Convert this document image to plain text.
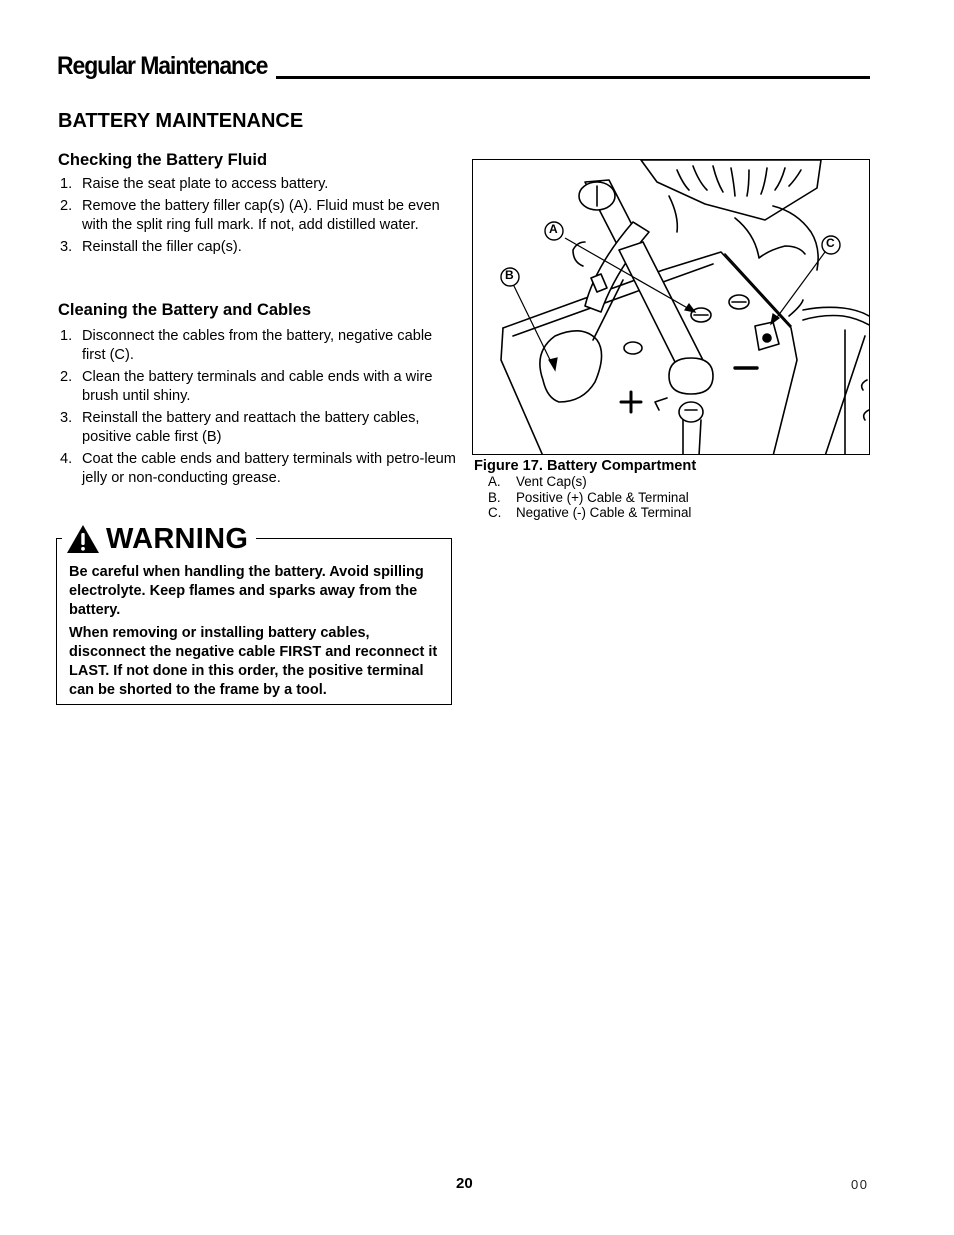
Regular Maintenance
BATTERY MAINTENANCE
Checking the Battery Fluid
1. Raise the seat plate to access battery.
2. Remove the battery filler cap(s) (A). Fluid must be even with the split ring full mark. If not, add distilled water.
3. Reinstall the filler cap(s).
Cleaning the Battery and Cables
1. Disconnect the cables from the battery, negative cable first (C).
2. Clean the battery terminals and cable ends with a wire brush until shiny.
3. Reinstall the battery and reattach the battery cables, positive cable first (B)
4. Coat the cable ends and battery terminals with petro-leum jelly or non-conducting grease.
WARNING

Be careful when handling the battery. Avoid spilling electrolyte. Keep flames and sparks away from the battery.

When removing or installing battery cables, disconnect the negative cable FIRST and reconnect it LAST. If not done in this order, the positive terminal can be shorted to the frame by a tool.

A
B
C
Figure 17. Battery Compartment
A.	Vent Cap(s)
B.	Positive (+) Cable & Terminal
C.	Negative (-) Cable & Terminal
20	00
